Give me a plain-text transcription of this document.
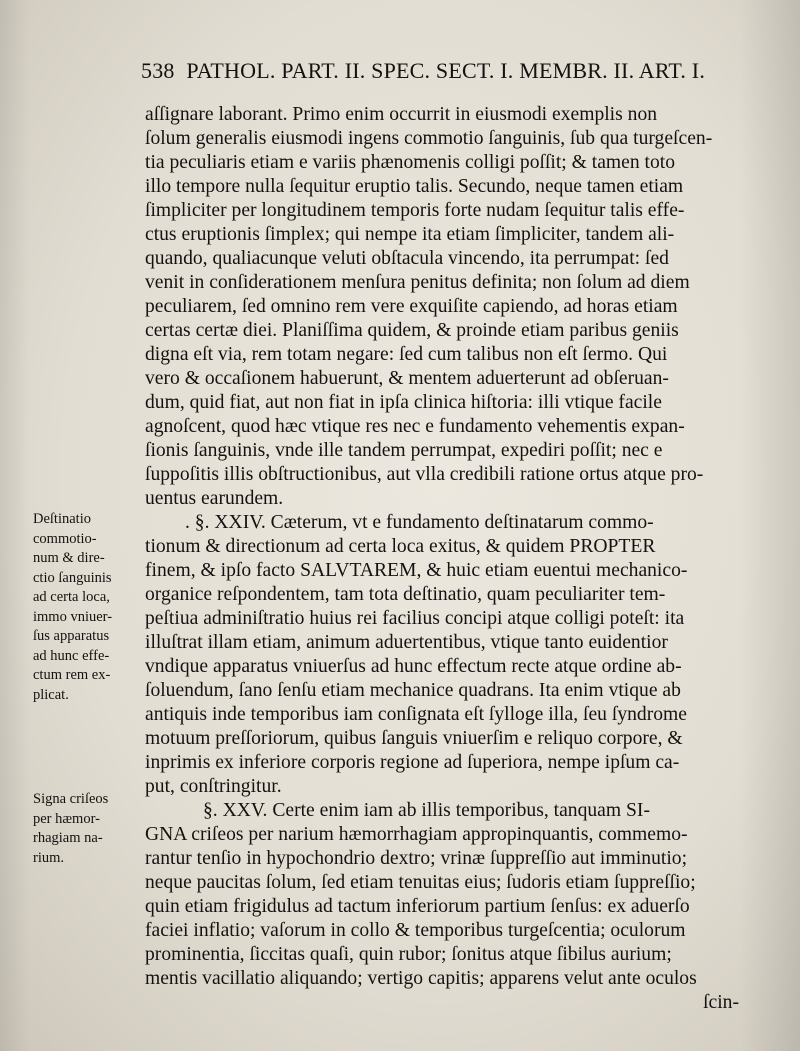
538 PATHOL. PART. II. SPEC. SECT. I. MEMBR. II. ART. I.
aſſignare laborant. Primo enim occurrit in eiusmodi exemplis non
ſolum generalis eiusmodi ingens commotio ſanguinis, ſub qua turgeſcen-
tia peculiaris etiam e variis phænomenis colligi poſſit; & tamen toto
illo tempore nulla ſequitur eruptio talis. Secundo, neque tamen etiam
ſimpliciter per longitudinem temporis forte nudam ſequitur talis effe-
ctus eruptionis ſimplex; qui nempe ita etiam ſimpliciter, tandem ali-
quando, qualiacunque veluti obſtacula vincendo, ita perrumpat: ſed
venit in conſiderationem menſura penitus definita; non ſolum ad diem
peculiarem, ſed omnino rem vere exquiſite capiendo, ad horas etiam
certas certæ diei. Planiſſima quidem, & proinde etiam paribus geniis
digna eſt via, rem totam negare: ſed cum talibus non eſt ſermo. Qui
vero & occaſionem habuerunt, & mentem aduerterunt ad obſeruan-
dum, quid fiat, aut non fiat in ipſa clinica hiſtoria: illi vtique facile
agnoſcent, quod hæc vtique res nec e fundamento vehementis expan-
ſionis ſanguinis, vnde ille tandem perrumpat, expediri poſſit; nec e
ſuppoſitis illis obſtructionibus, aut vlla credibili ratione ortus atque pro-
uentus earundem.
. §. XXIV. Cæterum, vt e fundamento deſtinatarum commo-
tionum & directionum ad certa loca exitus, & quidem PROPTER
finem, & ipſo facto SALVTAREM, & huic etiam euentui mechanico-
organice reſpondentem, tam tota deſtinatio, quam peculiariter tem-
peſtiua adminiſtratio huius rei facilius concipi atque colligi poteſt: ita
illuſtrat illam etiam, animum aduertentibus, vtique tanto euidentior
vndique apparatus vniuerſus ad hunc effectum recte atque ordine ab-
ſoluendum, ſano ſenſu etiam mechanice quadrans. Ita enim vtique ab
antiquis inde temporibus iam conſignata eſt ſylloge illa, ſeu ſyndrome
motuum preſſoriorum, quibus ſanguis vniuerſim e reliquo corpore, &
inprimis ex inferiore corporis regione ad ſuperiora, nempe ipſum ca-
put, conſtringitur.
§. XXV. Certe enim iam ab illis temporibus, tanquam SI-
GNA criſeos per narium hæmorrhagiam appropinquantis, commemo-
rantur tenſio in hypochondrio dextro; vrinæ ſuppreſſio aut imminutio;
neque paucitas ſolum, ſed etiam tenuitas eius; ſudoris etiam ſuppreſſio;
quin etiam frigidulus ad tactum inferiorum partium ſenſus: ex aduerſo
faciei inflatio; vaſorum in collo & temporibus turgeſcentia; oculorum
prominentia, ſiccitas quaſi, quin rubor; ſonitus atque ſibilus aurium;
mentis vacillatio aliquando; vertigo capitis; apparens velut ante oculos
ſcin-
Deſtinatio
commotio-
num & dire-
ctio ſanguinis
ad certa loca,
immo vniuer-
ſus apparatus
ad hunc effe-
ctum rem ex-
plicat.
Signa criſeos
per hæmor-
rhagiam na-
rium.
